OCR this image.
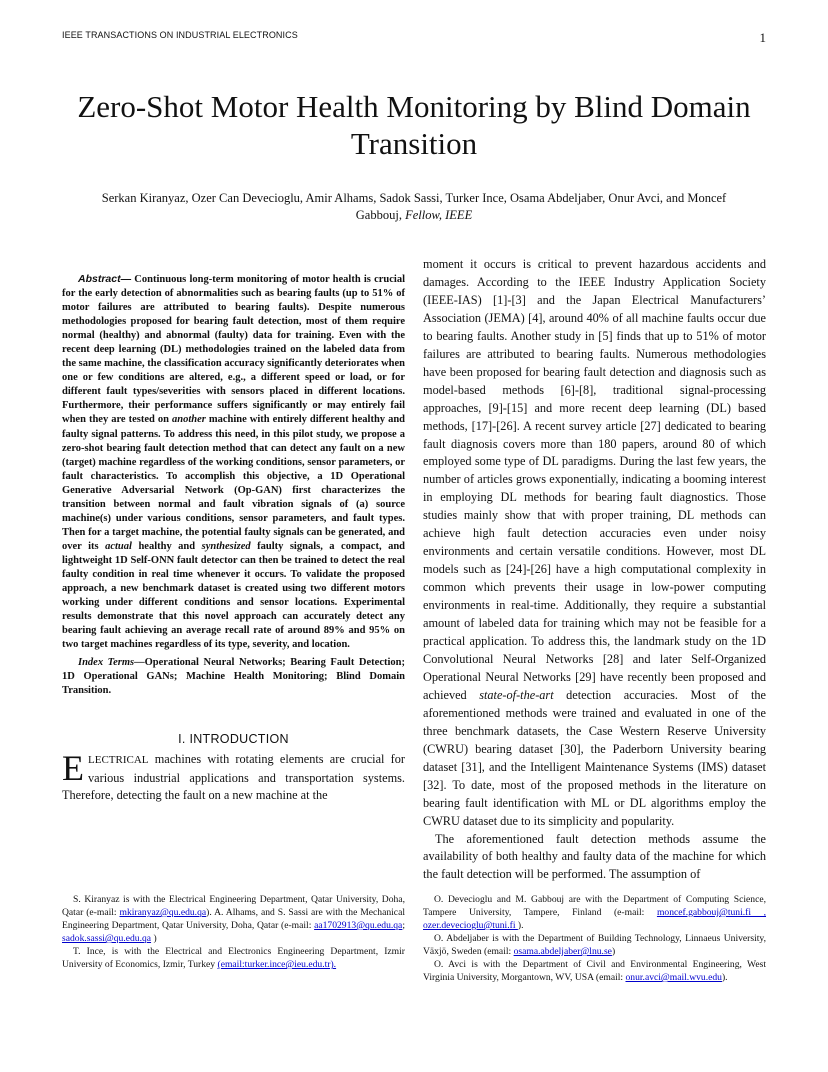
IEEE TRANSACTIONS ON INDUSTRIAL ELECTRONICS	1
Zero-Shot Motor Health Monitoring by Blind Domain Transition
Serkan Kiranyaz, Ozer Can Devecioglu, Amir Alhams, Sadok Sassi, Turker Ince, Osama Abdeljaber, Onur Avci, and Moncef Gabbouj, Fellow, IEEE

Abstract— Continuous long-term monitoring of motor health is crucial for the early detection of abnormalities such as bearing faults (up to 51% of motor failures are attributed to bearing faults). Despite numerous methodologies proposed for bearing fault detection, most of them require normal (healthy) and abnormal (faulty) data for training. Even with the recent deep learning (DL) methodologies trained on the labeled data from the same machine, the classification accuracy significantly deteriorates when one or few conditions are altered, e.g., a different speed or load, or for different fault types/severities with sensors placed in different locations. Furthermore, their performance suffers significantly or may entirely fail when they are tested on another machine with entirely different healthy and faulty signal patterns. To address this need, in this pilot study, we propose a zero-shot bearing fault detection method that can detect any fault on a new (target) machine regardless of the working conditions, sensor parameters, or fault characteristics. To accomplish this objective, a 1D Operational Generative Adversarial Network (Op-GAN) first characterizes the transition between normal and fault vibration signals of (a) source machine(s) under various conditions, sensor parameters, and fault types. Then for a target machine, the potential faulty signals can be generated, and over its actual healthy and synthesized faulty signals, a compact, and lightweight 1D Self-ONN fault detector can then be trained to detect the real faulty condition in real time whenever it occurs. To validate the proposed approach, a new benchmark dataset is created using two different motors working under different conditions and sensor locations. Experimental results demonstrate that this novel approach can accurately detect any bearing fault achieving an average recall rate of around 89% and 95% on two target machines regardless of its type, severity, and location.

Index Terms—Operational Neural Networks; Bearing Fault Detection; 1D Operational GANs; Machine Health Monitoring; Blind Domain Transition.

I. INTRODUCTION

ELECTRICAL machines with rotating elements are crucial for various industrial applications and transportation systems. Therefore, detecting the fault on a new machine at the

moment it occurs is critical to prevent hazardous accidents and damages. According to the IEEE Industry Application Society (IEEE-IAS) [1]-[3] and the Japan Electrical Manufacturers’ Association (JEMA) [4], around 40% of all machine faults occur due to bearing faults. Another study in [5] finds that up to 51% of motor failures are attributed to bearing faults. Numerous methodologies have been proposed for bearing fault detection and diagnosis such as model-based methods [6]-[8], traditional signal-processing approaches, [9]-[15] and more recent deep learning (DL) based methods, [17]-[26]. A recent survey article [27] dedicated to bearing fault diagnosis covers more than 180 papers, around 80 of which employed some type of DL paradigms. During the last few years, the number of articles grows exponentially, indicating a booming interest in employing DL methods for bearing fault diagnostics. Those studies mainly show that with proper training, DL methods can achieve high fault detection accuracies even under noisy environments and certain versatile conditions. However, most DL models such as [24]-[26] have a high computational complexity in common which prevents their usage in low-power computing environments in real-time. Additionally, they require a substantial amount of labeled data for training which may not be feasible for a practical application. To address this, the landmark study on the 1D Convolutional Neural Networks [28] and later Self-Organized Operational Neural Networks [29] have recently been proposed and achieved state-of-the-art detection accuracies. Most of the aforementioned methods were trained and evaluated in one of the three benchmark datasets, the Case Western Reserve University (CWRU) bearing dataset [30], the Paderborn University bearing dataset [31], and the Intelligent Maintenance Systems (IMS) dataset [32]. To date, most of the proposed methods in the literature on bearing fault identification with ML or DL algorithms employ the CWRU dataset due to its simplicity and popularity.

The aforementioned fault detection methods assume the availability of both healthy and faulty data of the machine for which the fault detection will be performed. The assumption of

S. Kiranyaz is with the Electrical Engineering Department, Qatar University, Doha, Qatar (e-mail: mkiranyaz@qu.edu.qa). A. Alhams, and S. Sassi are with the Mechanical Engineering Department, Qatar University, Doha, Qatar (e-mail: aa1702913@qu.edu.qa; sadok.sassi@qu.edu.qa )

T. Ince, is with the Electrical and Electronics Engineering Department, Izmir University of Economics, Izmir, Turkey (email:turker.ince@ieu.edu.tr).

O. Devecioglu and M. Gabbouj are with the Department of Computing Science, Tampere University, Tampere, Finland (e-mail: moncef.gabbouj@tuni.fi , ozer.devecioglu@tuni.fi ).

O. Abdeljaber is with the Department of Building Technology, Linnaeus University, Växjö, Sweden (email: osama.abdeljaber@lnu.se)

O. Avci is with the Department of Civil and Environmental Engineering, West Virginia University, Morgantown, WV, USA (email: onur.avci@mail.wvu.edu).
